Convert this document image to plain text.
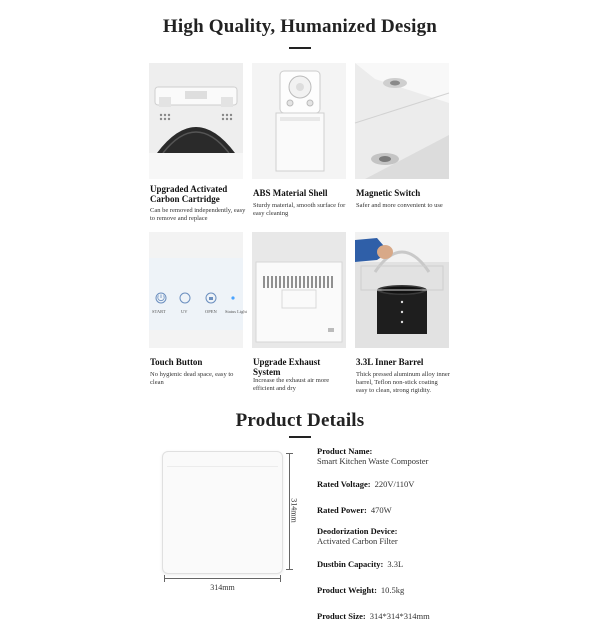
High Quality, Humanized Design
Upgraded Activated Carbon Cartridge
Can be removed independently, easy to remove and replace
ABS Material Shell
Sturdy material, smooth surface for easy cleaning
Magnetic Switch
Safer and more convenient to use
START	UV	OPEN Status Light
Touch Button
No hygienic dead space, easy to clean
Upgrade Exhaust System
Increase the exhaust air more efficient and dry
3.3L Inner Barrel
Thick pressed aluminum alloy inner barrel, Teflon non-stick coating easy to clean, strong rigidity.
Product Details
314mm
314mm
Product Name:
Smart Kitchen Waste Composter
Rated Voltage: 220V/110V
Rated Power: 470W
Deodorization Device:
Activated Carbon Filter
Dustbin Capacity: 3.3L
Product Weight: 10.5kg
Product Size: 314*314*314mm
